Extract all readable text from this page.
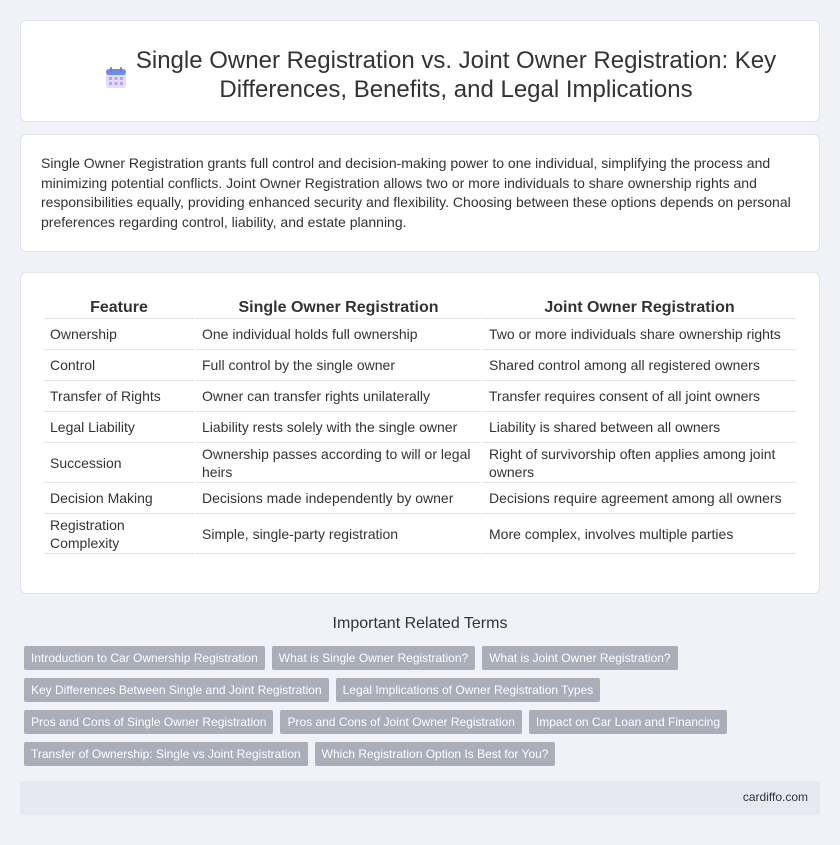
Single Owner Registration vs. Joint Owner Registration: Key Differences, Benefits, and Legal Implications

Single Owner Registration grants full control and decision-making power to one individual, simplifying the process and minimizing potential conflicts. Joint Owner Registration allows two or more individuals to share ownership rights and responsibilities equally, providing enhanced security and flexibility. Choosing between these options depends on personal preferences regarding control, liability, and estate planning.

Feature	Single Owner Registration	Joint Owner Registration
Ownership	One individual holds full ownership	Two or more individuals share ownership rights
Control	Full control by the single owner	Shared control among all registered owners
Transfer of Rights	Owner can transfer rights unilaterally	Transfer requires consent of all joint owners
Legal Liability	Liability rests solely with the single owner	Liability is shared between all owners
Succession	Ownership passes according to will or legal heirs	Right of survivorship often applies among joint owners
Decision Making	Decisions made independently by owner	Decisions require agreement among all owners
Registration Complexity	Simple, single-party registration	More complex, involves multiple parties
Important Related Terms
Introduction to Car Ownership Registration	What is Single Owner Registration?	What is Joint Owner Registration?
Key Differences Between Single and Joint Registration	Legal Implications of Owner Registration Types
Pros and Cons of Single Owner Registration	Pros and Cons of Joint Owner Registration	Impact on Car Loan and Financing
Transfer of Ownership: Single vs Joint Registration	Which Registration Option Is Best for You?
cardiffo.com
